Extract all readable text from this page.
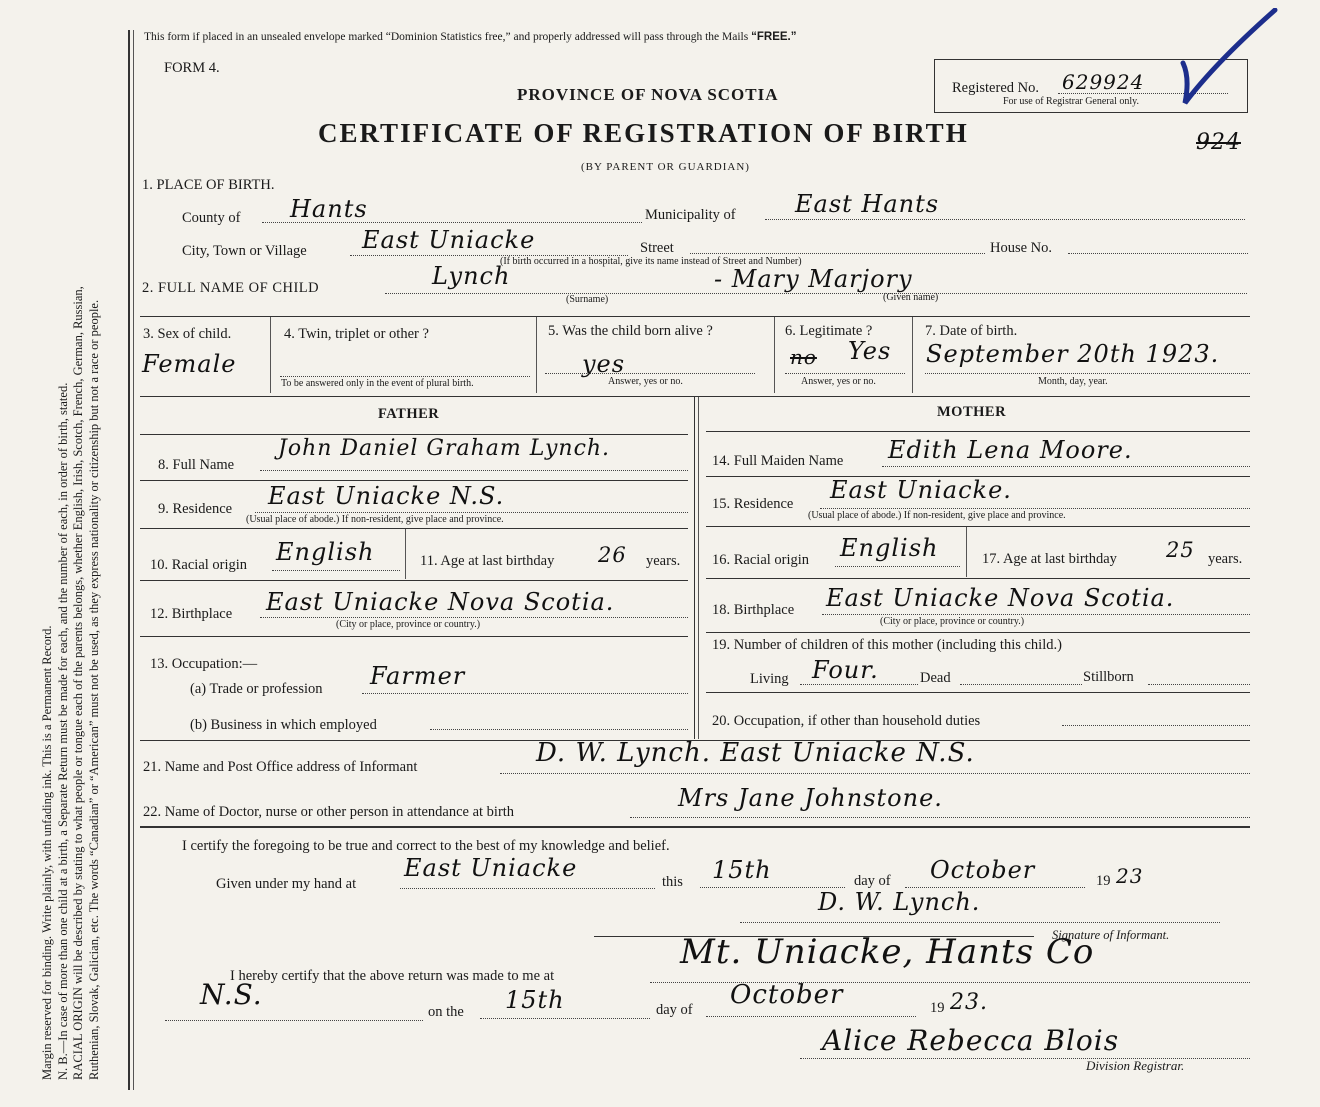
Margin reserved for binding. Write plainly, with unfading ink. This is a Permanent Record. N. B.—In case of more than one child at a birth, a Separate Return must be made for each, and the number of each, in order of birth, stated. RACIAL ORIGIN will be described by stating to what people or tongue each of the parents belongs, whether English, Irish, Scotch, French, German, Russian, Ruthenian, Slovak, Galician, etc. The words “Canadian” or “American” must not be used, as they express nationality or citizenship but not a race or people.
This form if placed in an unsealed envelope marked “Dominion Statistics free,” and properly addressed will pass through the Mails “FREE.”
FORM 4.
PROVINCE OF NOVA SCOTIA
CERTIFICATE OF REGISTRATION OF BIRTH
(BY PARENT OR GUARDIAN)
Registered No. 629924
For use of Registrar General only.
924
1. PLACE OF BIRTH.
County of Hants	Municipality of East Hants
City, Town or Village East Uniacke	Street	House No.
(If birth occurred in a hospital, give its name instead of Street and Number)
2. FULL NAME OF CHILD	Lynch	- Mary Marjory
(Surname)	(Given name)
3. Sex of child.
Female
4. Twin, triplet or other ?
To be answered only in the event of plural birth.
5. Was the child born alive ?
yes
Answer, yes or no.
6. Legitimate ?
no Yes
Answer, yes or no.
7. Date of birth.
September 20th 1923.
Month, day, year.
FATHER
8. Full Name
John Daniel Graham Lynch.
9. Residence East Uniacke N.S.
(Usual place of abode.) If non-resident, give place and province.
10. Racial origin English	11. Age at last birthday 26 years.
12. Birthplace East Uniacke Nova Scotia.
(City or place, province or country.)
13. Occupation:—
(a) Trade or profession Farmer
(b) Business in which employed
MOTHER
14. Full Maiden Name Edith Lena Moore.
15. Residence East Uniacke.
(Usual place of abode.) If non-resident, give place and province.
16. Racial origin English	17. Age at last birthday 25 years.
18. Birthplace East Uniacke Nova Scotia.
(City or place, province or country.)
19. Number of children of this mother (including this child.)
Living Four.	Dead	Stillborn
20. Occupation, if other than household duties
21. Name and Post Office address of Informant	D. W. Lynch. East Uniacke N.S.
22. Name of Doctor, nurse or other person in attendance at birth	Mrs Jane Johnstone.
I certify the foregoing to be true and correct to the best of my knowledge and belief.
Given under my hand at
East Uniacke	this 15th	day of October	19 23
D. W. Lynch.
Signature of Informant.
I hereby certify that the above return was made to me at
Mt. Uniacke, Hants Co
N.S.
on the 15th	day of October	19 23.
Alice Rebecca Blois
Division Registrar.
